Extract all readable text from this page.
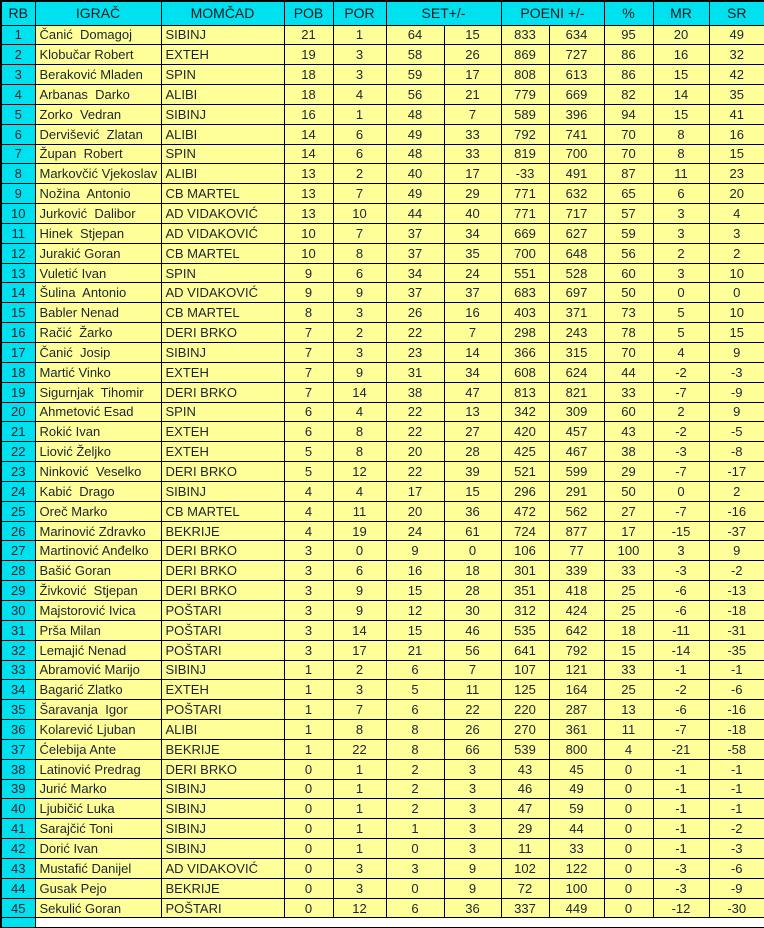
RB	IGRAČ	MOMČAD	POB	POR	SET+/-		POENI +/-		%	MR	SR
1	Čanić  Domagoj	SIBINJ	21	1	64	15	833	634	95	20	49
2	Klobučar Robert	EXTEH	19	3	58	26	869	727	86	16	32
3	Beraković Mladen	SPIN	18	3	59	17	808	613	86	15	42
4	Arbanas  Darko	ALIBI	18	4	56	21	779	669	82	14	35
5	Zorko  Vedran	SIBINJ	16	1	48	7	589	396	94	15	41
6	Dervišević  Zlatan	ALIBI	14	6	49	33	792	741	70	8	16
7	Župan  Robert	SPIN	14	6	48	33	819	700	70	8	15
8	Markovčić Vjekoslav	ALIBI	13	2	40	17	-33	491	87	11	23
9	Nožina  Antonio	CB MARTEL	13	7	49	29	771	632	65	6	20
10	Jurković  Dalibor	AD VIDAKOVIĆ	13	10	44	40	771	717	57	3	4
11	Hinek  Stjepan	AD VIDAKOVIĆ	10	7	37	34	669	627	59	3	3
12	Jurakić Goran	CB MARTEL	10	8	37	35	700	648	56	2	2
13	Vuletić Ivan	SPIN	9	6	34	24	551	528	60	3	10
14	Šulina  Antonio	AD VIDAKOVIĆ	9	9	37	37	683	697	50	0	0
15	Babler Nenad	CB MARTEL	8	3	26	16	403	371	73	5	10
16	Račić  Žarko	DERI BRKO	7	2	22	7	298	243	78	5	15
17	Čanić  Josip	SIBINJ	7	3	23	14	366	315	70	4	9
18	Martić Vinko	EXTEH	7	9	31	34	608	624	44	-2	-3
19	Sigurnjak  Tihomir	DERI BRKO	7	14	38	47	813	821	33	-7	-9
20	Ahmetović Esad	SPIN	6	4	22	13	342	309	60	2	9
21	Rokić Ivan	EXTEH	6	8	22	27	420	457	43	-2	-5
22	Liović Željko	EXTEH	5	8	20	28	425	467	38	-3	-8
23	Ninković  Veselko	DERI BRKO	5	12	22	39	521	599	29	-7	-17
24	Kabić  Drago	SIBINJ	4	4	17	15	296	291	50	0	2
25	Oreč Marko	CB MARTEL	4	11	20	36	472	562	27	-7	-16
26	Marinović Zdravko	BEKRIJE	4	19	24	61	724	877	17	-15	-37
27	Martinović Anđelko	DERI BRKO	3	0	9	0	106	77	100	3	9
28	Bašić Goran	DERI BRKO	3	6	16	18	301	339	33	-3	-2
29	Živković  Stjepan	DERI BRKO	3	9	15	28	351	418	25	-6	-13
30	Majstorović Ivica	POŠTARI	3	9	12	30	312	424	25	-6	-18
31	Prša Milan	POŠTARI	3	14	15	46	535	642	18	-11	-31
32	Lemajić Nenad	POŠTARI	3	17	21	56	641	792	15	-14	-35
33	Abramović Marijo	SIBINJ	1	2	6	7	107	121	33	-1	-1
34	Bagarić Zlatko	EXTEH	1	3	5	11	125	164	25	-2	-6
35	Šaravanja  Igor	POŠTARI	1	7	6	22	220	287	13	-6	-16
36	Kolarević Ljuban	ALIBI	1	8	8	26	270	361	11	-7	-18
37	Ćelebija Ante	BEKRIJE	1	22	8	66	539	800	4	-21	-58
38	Latinović Predrag	DERI BRKO	0	1	2	3	43	45	0	-1	-1
39	Jurić Marko	SIBINJ	0	1	2	3	46	49	0	-1	-1
40	Ljubičić Luka	SIBINJ	0	1	2	3	47	59	0	-1	-1
41	Sarajčić Toni	SIBINJ	0	1	1	3	29	44	0	-1	-2
42	Dorić Ivan	SIBINJ	0	1	0	3	11	33	0	-1	-3
43	Mustafić Danijel	AD VIDAKOVIĆ	0	3	3	9	102	122	0	-3	-6
44	Gusak Pejo	BEKRIJE	0	3	0	9	72	100	0	-3	-9
45	Sekulić Goran	POŠTARI	0	12	6	36	337	449	0	-12	-30
